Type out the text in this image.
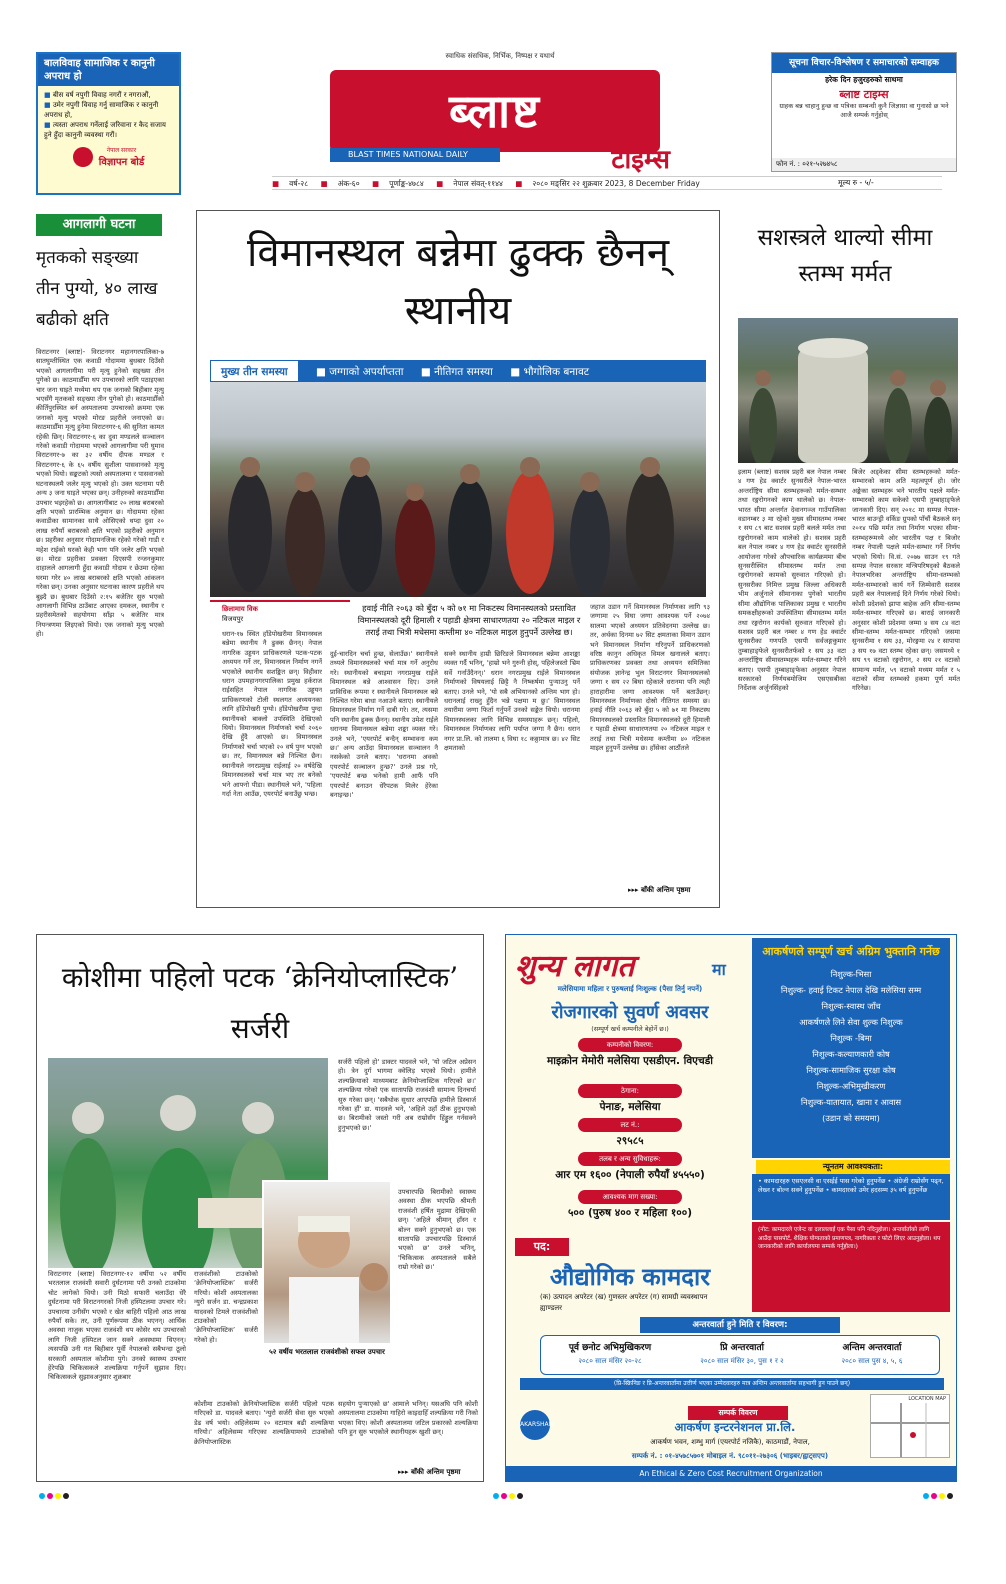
बालविवाह सामाजिक र कानुनी अपराध हो
■ बीस वर्ष नपुगी विवाह नगरौं र नगराऔं,
■ उमेर नपुगी विवाह गर्नु सामाजिक र कानुनी अपराध हो,
■ त्यस्ता अपराध गर्नेलाई जरिवाना र कैद सजाय हुने हुँदा कानुनी व्यवस्था गरौं।
नेपाल सरकार
विज्ञापन बोर्ड
स्वाधिक संसधिक, निर्भिक, निष्पक्ष र यथार्थ
ब्लाष्ट
BLAST TIMES NATIONAL DAILY	टाइम्स
सूचना विचार-विश्लेषण र समाचारको सम्वाहक
हरेक दिन हजुरहरुको साथमा
ब्लाष्ट टाइम्स
ग्राहक बन्न चाहानु हुन्छ वा पत्रिका सम्बन्धी कुनै जिज्ञासा वा गुनासो छ भने आजै सम्पर्क गर्नुहोस्
फोन नं. : ०२१-५२७४५८
■ वर्ष-२८ ■ अंक-६० ■ पूर्णाङ्क-४७८४ ■ नेपाल संवत्-११४४ ■ २०८० मङ्सिर २२ शुक्रबार 2023, 8 December Friday	मूल्य रु - ५/-
आगलागी घटना
मृतकको सङ्ख्या तीन पुग्यो, ४० लाख बढीको क्षति
विराटनगर (ब्लाष्ट)- विराटनगर महानगरपालिका-७ सातघुम्तीस्थित एक कवाडी गोदाममा बुधबार दिउँसो भएको आगलागीमा परी मृत्यु हुनेको सङ्ख्या तीन पुगेको छ। काठमाडौँमा थप उपचारको लागि पठाइएका चार जना घाइते मध्येमा थप एक जनाको बिहीबार मृत्यु भएसँगै मृतकको सङ्ख्या तीन पुगेको हो। काठमाडौँको कीर्तिपुरस्थित बर्न अस्पतालमा उपचारको क्रममा एक जनाको मृत्यु भएको मोरङ प्रहरीले जनाएको छ। काठमाडौँमा मृत्यु हुनेमा विराटनगर-६ की सुनिता कामत रहेकी छिन्। विराटनगर-६ का दुवा मण्डलले सञ्चालन गरेको कवाडी गोदाममा भएको आगलागीमा परी घुमाव विराटनगर-७ का ३२ वर्षीय दीपक मण्डल र विराटनगर-६ के ६५ वर्षीय सुशीला पासवानको मृत्यु भएको थियो। सङ्कटको त्यसो अस्पतालमा र पासवानको घटनास्थलमै जलेर मृत्यु भएको हो। उक्त घटनामा परी अन्य ३ जना घाइते भएका छन्। उनीहरुको काठमाडौँमा उपचार भइरहेको छ। आगलागीबाट २० लाख बराबरको क्षति भएको प्रारम्भिक अनुमान छ। गोदाममा रहेका कवाडीका सामानका साथै ओसिएको थप्दा दुवा २० लाख रुपैयाँ बराबरको क्षति भएको प्रहरीको अनुमान छ। प्रहरीका अनुसार गोदामनजिक रहेको गरेको गाडी र महेश राईको घरको केही भाग पनि जलेर क्षति भएको छ। मोरङ प्रहरीका प्रवक्ता दिएसपी रन्जनकुमार दाहालले आगलागी हुँदा कवाडी गोदाम र छेउमा रहेका घरमा गरेर ४० लाख बराबरको क्षति भएको आंकलन गरेका छन्। उनका अनुसार घटनाका कारण प्रहरीले थप बुझ्दै छ। बुधबार दिउँसो २:१५ बजेतिर सुरु भएको आगलागी विभिन्न ठाउँबाट आएका दमकल, स्थानीय र प्रहरीसमेतको सहयोगमा साँझ ५ बजेतिर मात्र नियन्त्रणमा लिइएको थियो। एक जनाको मृत्यु भएको हो।
विमानस्थल बन्नेमा ढुक्क छैनन् स्थानीय
मुख्य तीन समस्या	■ जग्गाको अपर्याप्तता	■ नीतिगत समस्या	■ भौगोलिक बनावट
छिलामाय विक
विजयपुर
हवाई नीति २०६३ को बुँदा ५ को ७१ मा निकटस्थ विमानस्थलको प्रस्तावित विमानस्थलको दूरी हिमाली र पहाडी क्षेत्रमा साधारणतया २० नटिकल माइल र तराई तथा भित्री मधेसमा कम्तीमा ४० नटिकल माइल हुनुपर्ने उल्लेख छ।
धरान-१७ स्थित हाँडेपोखरीमा विमानस्थल बन्नेमा स्थानीय नै ढुक्क छैनन्। नेपाल नागरिक उड्डयन प्राधिकरणले पटक-पटक अध्ययन गर्ने तर, विमानस्थल निर्माण नगर्ने भएकोले स्थानीय सशङ्कित छन्। विहीवार धरान उपमहानगरपालिका प्रमुख हर्कराज राईसहित नेपाल नागरिक उड्डयन प्राधिकरणको टोली स्थलगत अध्ययनका लागि हाँडेपोखरी पुग्यो। हाँडेपोखरीमा पुग्दा स्थानीयको बाक्लो उपस्थिति देखिएको थियो। विमानस्थल निर्माणको चर्चा २०६० देखि हुँदै आएको छ। विमानस्थल निर्माणको चर्चा भएको २० वर्ष पुग्न भएको छ। तर, विमानस्थल बन्ने निश्चित छैन। स्थानीयले नगरप्रमुख राईलाई २० वर्षदेखि विमानस्थलको चर्चा मात्र भए तर बनेको भने आफ्नो पीडा। स्थानीयले भने, 'पहिला गर्दा नेता आउँछ, एयरपोर्ट बनाउँछु भन्छ।
दुई-चारदिन चर्चा हुन्छ, सेलाउँछ।' स्थानीयले तथ्यले विमानस्थलको चर्चा मात्र गर्ने अनुरोध गरे। स्थानीयको बचाइमा नगरप्रमुख राईले विमानस्थल बन्ने आश्वासन दिए। उनले प्राविधिक रूपमा र स्थानीयले विमानस्थल बन्ने निश्चित गरेमा बाधा नआउने बताए। स्थानीयले विमानस्थल निर्माण गर्ने दाबी गरे। तर, त्यसमा पनि स्थानीय ढुक्क छैनन्। स्थानीय उमेश राईले धरानमा विमानस्थल बन्नेमा शङ्का व्यक्त गरे। उनले भने, 'एयरपोर्ट बन्दैन् सम्भावना कम छ।' अन्य आउँदा विमानस्थल सञ्चालन नै नसकेको उनले बताए। 'धरानमा अवको एयरपोर्ट सञ्चालन हुन्छ?' उनले प्रश्न गरे, 'एयरपोर्ट बन्छ भनेको हामी आफैं पनि एयरपोर्ट बनाउन धेरैपटक मिलेर हेरेका बनाइन्छ।'
सक्ने स्थानीय हाम्री छिरिङले विमानस्थल बन्नेमा आशङ्का व्यक्त गर्दै भनिन्, 'हाम्रो भने गुरुनी होस्, पहिलेजस्तो भ्रिम सर्वे गर्नाउँदैनन्।' धरान नगरप्रमुख राईले विमानस्थल निर्माणको विषयलाई छिट्टै नै निष्कर्षमा पुऱ्याउनु पर्ने बताए। उनले भने, 'यो सबै अभियानको अन्तिम भाग हो। धरानलाई राख्नु हुँदैन भन्ने पक्षमा म छु।' विमानस्थल तयारीमा जग्गा फिर्ता गर्नुपर्ने उनको सङ्केत थियो। धरानमा विमानस्थलका लागि विभिन्न समस्याहरू छन्। पहिलो, विमानस्थल निर्माणका लागि पर्याप्त जग्गा नै छैन। धरान नगर प्रा.लि. को तालमा ६ विघा १८ कठ्ठामात्र छ। ४२ सिट क्षमताको
जहाज उडान गर्ने विमानस्थल निर्माणका लागि ९३ जग्गामा २५ विघा जग्गा आवश्यक पर्ने २०७४ सालमा भएको अध्ययन प्रतिवेदनमा उल्लेख छ। तर, अर्थका दिनमा ७२ सिट क्षमताका विमान उडान भने विमानस्थल निर्माण गरिनुपर्ने प्राधिकरणको वरिष्ठ कानुन अधिकृत विमल खनालले बताए। प्राधिकरणका प्रवक्ता तथा अध्ययन समितिका संयोजक ज्ञानेन्द्र भुल विराटनगर विमानस्थलको जग्गा १ सय २२ बिघा रहेकाले धरानमा पनि त्यही हाराहारीमा जग्गा आवश्यक पर्ने बताउँछन्। विमानस्थल निर्माणका दोस्रो नीतिगत समस्या छ। हवाई नीति २०६३ को बुँदा ५ को ७१ मा निकटस्थ विमानस्थलको प्रस्तावित विमानस्थलको दूरी हिमाली र पहाडी क्षेत्रमा साधारणतया २० नटिकल माइल र तराई तथा भित्री मधेसमा कम्तीमा ४० नटिकल माइल हुनुपर्ने उल्लेख छ। हाँसेका आठौंतले
▸▸▸ बाँकी अन्तिम पृष्ठमा
सशस्त्रले थाल्यो सीमा स्तम्भ मर्मत
इलाम (ब्लाष्ट) सशस्त्र प्रहरी बल नेपाल नम्बर ४ गण हेड क्वार्टर सुनसरीले नेपाल-भारत अन्तर्राष्ट्रिय सीमा स्तम्भहरूको मर्मत-सम्भार तथा रङ्गरोगनको काम थालेको छ। नेपाल-भारत सीमा अन्तर्गत देवानगञ्ज गाउँपालिका वडानम्बर ३ मा रहेको मुख्य सीमास्तम्भ नम्बर १ सय ८९ बाट सशस्त्र प्रहरी बलले मर्मत तथा रङ्गरोगनको काम थालेको हो। सशस्त्र प्रहरी बल नेपाल नम्बर ४ गण हेड क्वार्टर सुनसरीले आयोजना गरेको औपचारिक कार्यक्रममा बीच सुनसरीस्थित सीमास्तम्भ मर्मत तथा रङ्गरोगनको कामको सुरुवात गरिएको हो। सुनसरीका निमित्त प्रमुख जिल्ला अधिकारी भीम अर्जुनाले सीमानाका पुगेको भारतीय सीमा औद्योगिक पालिकाका प्रमुख र भारतीय समकक्षीहरूको उपस्थितिमा सीमास्तम्भ मर्मत तथा रङ्गरोगन कार्यको सुरुवात गरिएको हो। सशस्त्र प्रहरी बल नम्बर ४ गण हेड क्वार्टर सुनसरीका गणपति एसपी सर्वजङ्गकुमार तुम्बाहाङ्फेले सुनसरीतर्फको १ सय ३३ वटा अन्तर्राष्ट्रिय सीमास्तम्भहरू मर्मत-सम्भार गरिने बताए। एसपी तुम्बाहाङ्फेका अनुसार नेपाल सरकारको निर्णयबमोजिम एसएसबीका निर्देशक अर्जुनसिंहको
बिजेर अड्केका सीमा स्तम्भहरूको मर्मत-सम्भारको काम अति महत्वपूर्ण हो। जोर अङ्केका स्तम्भहरू भने भारतीय पक्षले मर्मत-सम्भारको काम सकेको एसपी तुम्बाहाङ्फेले जानकारी दिए। सन् २०१८ मा सम्पन्न नेपाल-भारत बाउन्ड्री वर्किङ ग्रुपको पाँचौं बैठकले सन् २०१४ पछि मर्मत तथा निर्माण भएका सीमा-स्तम्भहरूमध्ये ओर भारतीय पक्ष र बिजोर नम्बर नेपाली पक्षले मर्मत-सम्भार गर्ने निर्णय भएको थियो। वि.सं. २०७७ साउन १९ गते सम्पन्न नेपाल सरकार मन्त्रिपरिषद्को बैठकले नेपालभरिका अन्तर्राष्ट्रिय सीमा-स्तम्भको मर्मत-सम्भारको कार्य गर्ने जिम्मेवारी सशस्त्र प्रहरी बल नेपाललाई दिने निर्णय गरेको थियो। कोशी प्रदेशको झापा बाहेक अनि सीमा-स्तम्भ मर्मत-सम्भार गरिएको छ। बाराई जानकारी अनुसार कोशी प्रदेशमा जम्मा ४ सय ८४ वटा सीमा-स्तम्भ मर्मत-सम्भार गरिएको जसमा सुनसरीमा १ सय ३३, मोरङ्गमा २४ र सापाया ३ सय १७ वटा स्तम्भ रहेका छन्। जसमध्ये १ सय ९९ वटाको रङ्गरोगन, २ सय २१ वटाको सामान्य मर्मत, ५९ वटाको मध्यम मर्मत र ५ वटाको सीमा स्तम्भको हकमा पूर्ण मर्मत गरिनेछ।
कोशीमा पहिलो पटक ‘क्रेनियोप्लास्टिक’ सर्जरी
५२ वर्षीय भरतलाल राजवंशीको सफल उपचार
सर्जरी पहिलो हो' डाक्टर यादवले भने, 'यो जटिल अप्रेसन हो। त्रेन दुर्ग भागमा क्वेलिड़ भएको थियो। हामीले शल्यक्रियाको माध्यमबाट क्रेनियोप्लास्टिक गरिएको छ।' शल्यक्रिया गरेको एक सातापछि राजवंशी सामान्य दिनचर्या सुरु गरेका छन्। 'सबैथोक सुधार आएपछि हामीले डिस्चार्ज गरेका हौं' डा. यादवले भने, 'अहिले उहाँ ठीक हुनुभएको छ। बिरामीको जस्तो गरी अब राम्रोसँग हिंड्डुल गर्नसक्ने हुनुभएको छ।'
उपचारपछि बिरामीको स्वास्थ्य अवस्था ठीक भएपछि श्रीमती राजवंशी हर्षित मुद्रामा देखिएकी छन्। 'अहिले श्रीमान् हाँस्न र बोल्न सक्ने हुनुभएको छ। एक सातापछि उपचारपछि डिस्चार्ज भएको छ' उनले भनिन्, 'चिकित्सक अस्पतालले सबैले राम्रो गरेको छ।'
विराटनगर (ब्लाष्ट) विराटनगर-१२ वर्षीया ५२ वर्षीय भरतलाल राजवंशी सवारी दुर्घटनामा परी उनको टाउकोमा चोट लागेको थियो। उनी मिठो सफारी चलाउँदा धेरै दुर्घटनामा परी विराटनगरको निजी हस्पिटलमा उपचार गरे। उपचारमा उनीसँग भएको र खेत बाहिरी पहिलो आठ लाख रुपैयाँ सके। तर, उनी पूर्णरूपमा ठीक भएनन्। आर्थिक अवस्था नाजुक भएका राजवंशी थप कोसेर थप उपचारको लागि निजी हस्पिटल जान सक्ने अवस्थामा थिएनन्। त्यसपछि उनी गत बिहीबार पूर्वी नेपालको सबैभन्दा ठूलो सरकारी अस्पताल कोशीमा पुगे। उनको स्वास्थ्य उपचार हेरेपछि चिकित्सकले शल्यक्रिया गर्नुपर्ने सुझाव दिए। चिकित्सकले सुझावअनुसार शुक्रबार
राजवंशीको टाउकोको ‘क्रेनियोप्लास्टिक’ सर्जरी गरियो। कोशी अस्पतालका न्युरो सर्जन डा. चन्द्रप्रकाश यादवको टिमले राजवंशीको टाउकोको ‘क्रेनियोप्लास्टिक’ सर्जरी गरेको हो।
कोशीमा टाउकोको क्रेनियोप्लास्टिक सर्जरी पहिलो पटक गरिएको डा. यादवले बताए। 'न्युरो सर्जरी सेवा सुरु भएको डेढ वर्ष भयो। अहिलेसम्म २० वटामात्र बढी शल्यक्रिया गरियो।' अहिलेसम्म गरिएका शल्यक्रियामध्ये टाउकोको क्रेनियोप्लास्टिक
सहयोग पुऱ्याएको छ' आमाले भनिन्। यसअघि पनि कोशी अस्पतालमा टाउकोमा गाहिरो काइदाहिँ शल्यक्रिया गरी निको भएका थिए। कोशी अस्पतालमा जटिल प्रकारको शल्यक्रिया पनि हुन सुरु भएकोले स्थानीयहरू खुशी छन्।
▸▸▸ बाँकी अन्तिम पृष्ठमा
शुन्य लागत	मा
मलेसियामा महिला र पुरुषलाई निःशुल्क (पैसा तिर्नु नपर्ने)
रोजगारको सुवर्ण अवसर
(सम्पूर्ण खर्च कम्पनीले बेहोर्ने छ।)
कम्पनीको विवरण:
माइक्रोन मेमोरी मलेसिया एसडीएन. विएचडी
ठेगाना:
पेनाङ, मलेसिया
लट नं.:
२९५८५
तलब र अन्य सुविधाहरू:
आर एम १६०० (नेपाली रुपैयाँ ४५५५०)
आवश्यक माग सख्या:
५०० (पुरुष ४०० र महिला १००)
आकर्षणले सम्पूर्ण खर्च अग्रिम भुक्तानि गर्नेछ
निशुल्क-भिसा
निशुल्क- हवाई टिकट नेपाल देखि मलेसिया सम्म
निशुल्क-स्वास्थ जाँच
आकर्षणले लिने सेवा शुल्क निशुल्क
निशुल्क -बिमा
निशुल्क-कल्याणकारी कोष
निशुल्क-सामाजिक सुरक्षा कोष
निशुल्क-अभिमुखीकरण
निशुल्क-यातायात, खाना र आवास
(उडान को समयमा)
न्यूनतम आवश्यकता:
• कामदारहरु एसएलसी वा एसईई पास गरेको हुनुपर्नेछ • अंग्रेजी राम्रोसँग पढ्न, लेख्न र बोल्न सक्ने हुनुपर्नेछ • कामदारको उमेर हदसम्म ३५ वर्ष हुनुपर्नेछ
(नोट: कामदारले एजेन्ट वा दलाललाई एक पैसा पनि नदिनुहोला। अन्तर्वार्ताको लागि आउँदा पासपोर्ट, शैक्षिक योग्यताको प्रमाणपत्र, नागरिकता र फोटो लिएर आउनुहोला। थप जानकारीको लागि कार्यालयमा सम्पर्क गर्नुहोला।)
पद:
औद्योगिक कामदार
(क) उत्पादन अपरेटर (ख) गुणस्तर अपरेटर (ग) सामग्री व्यवस्थापन ह्याण्डलर
अन्तरवार्ता हुने मिति र विवरण:
पूर्व छनोट अभिमुखिकरण
२०८० साल मंसिर २०-२८
प्रि अन्तरवार्ता
२०८० साल मंसिर ३०, पुस १ र २
अन्तिम अन्तरवार्ता
२०८० साल पुस ४, ५, ६
(प्रि-स्क्रिनिङ र प्रि-अन्तरवार्तामा उत्तीर्ण भएका उम्मेदवारहरु मात्र अन्तिम अन्तरवार्तामा सहभागी हुन पाउने छन्)
AKARSHAN
सम्पर्क विवरण
आकर्षण इन्टरनेशनल प्रा.लि.
आकर्षण भवन, शम्भु मार्ग (एयरपोर्ट नजिकै), काठमाडौं, नेपाल,
सम्पर्क नं. : ०१-४५७८५७०१ मोबाइल नं. ९८०११-२७३०६ (भाइबर/ह्वाट्सएप)
LOCATION MAP
An Ethical & Zero Cost Recruitment Organization
